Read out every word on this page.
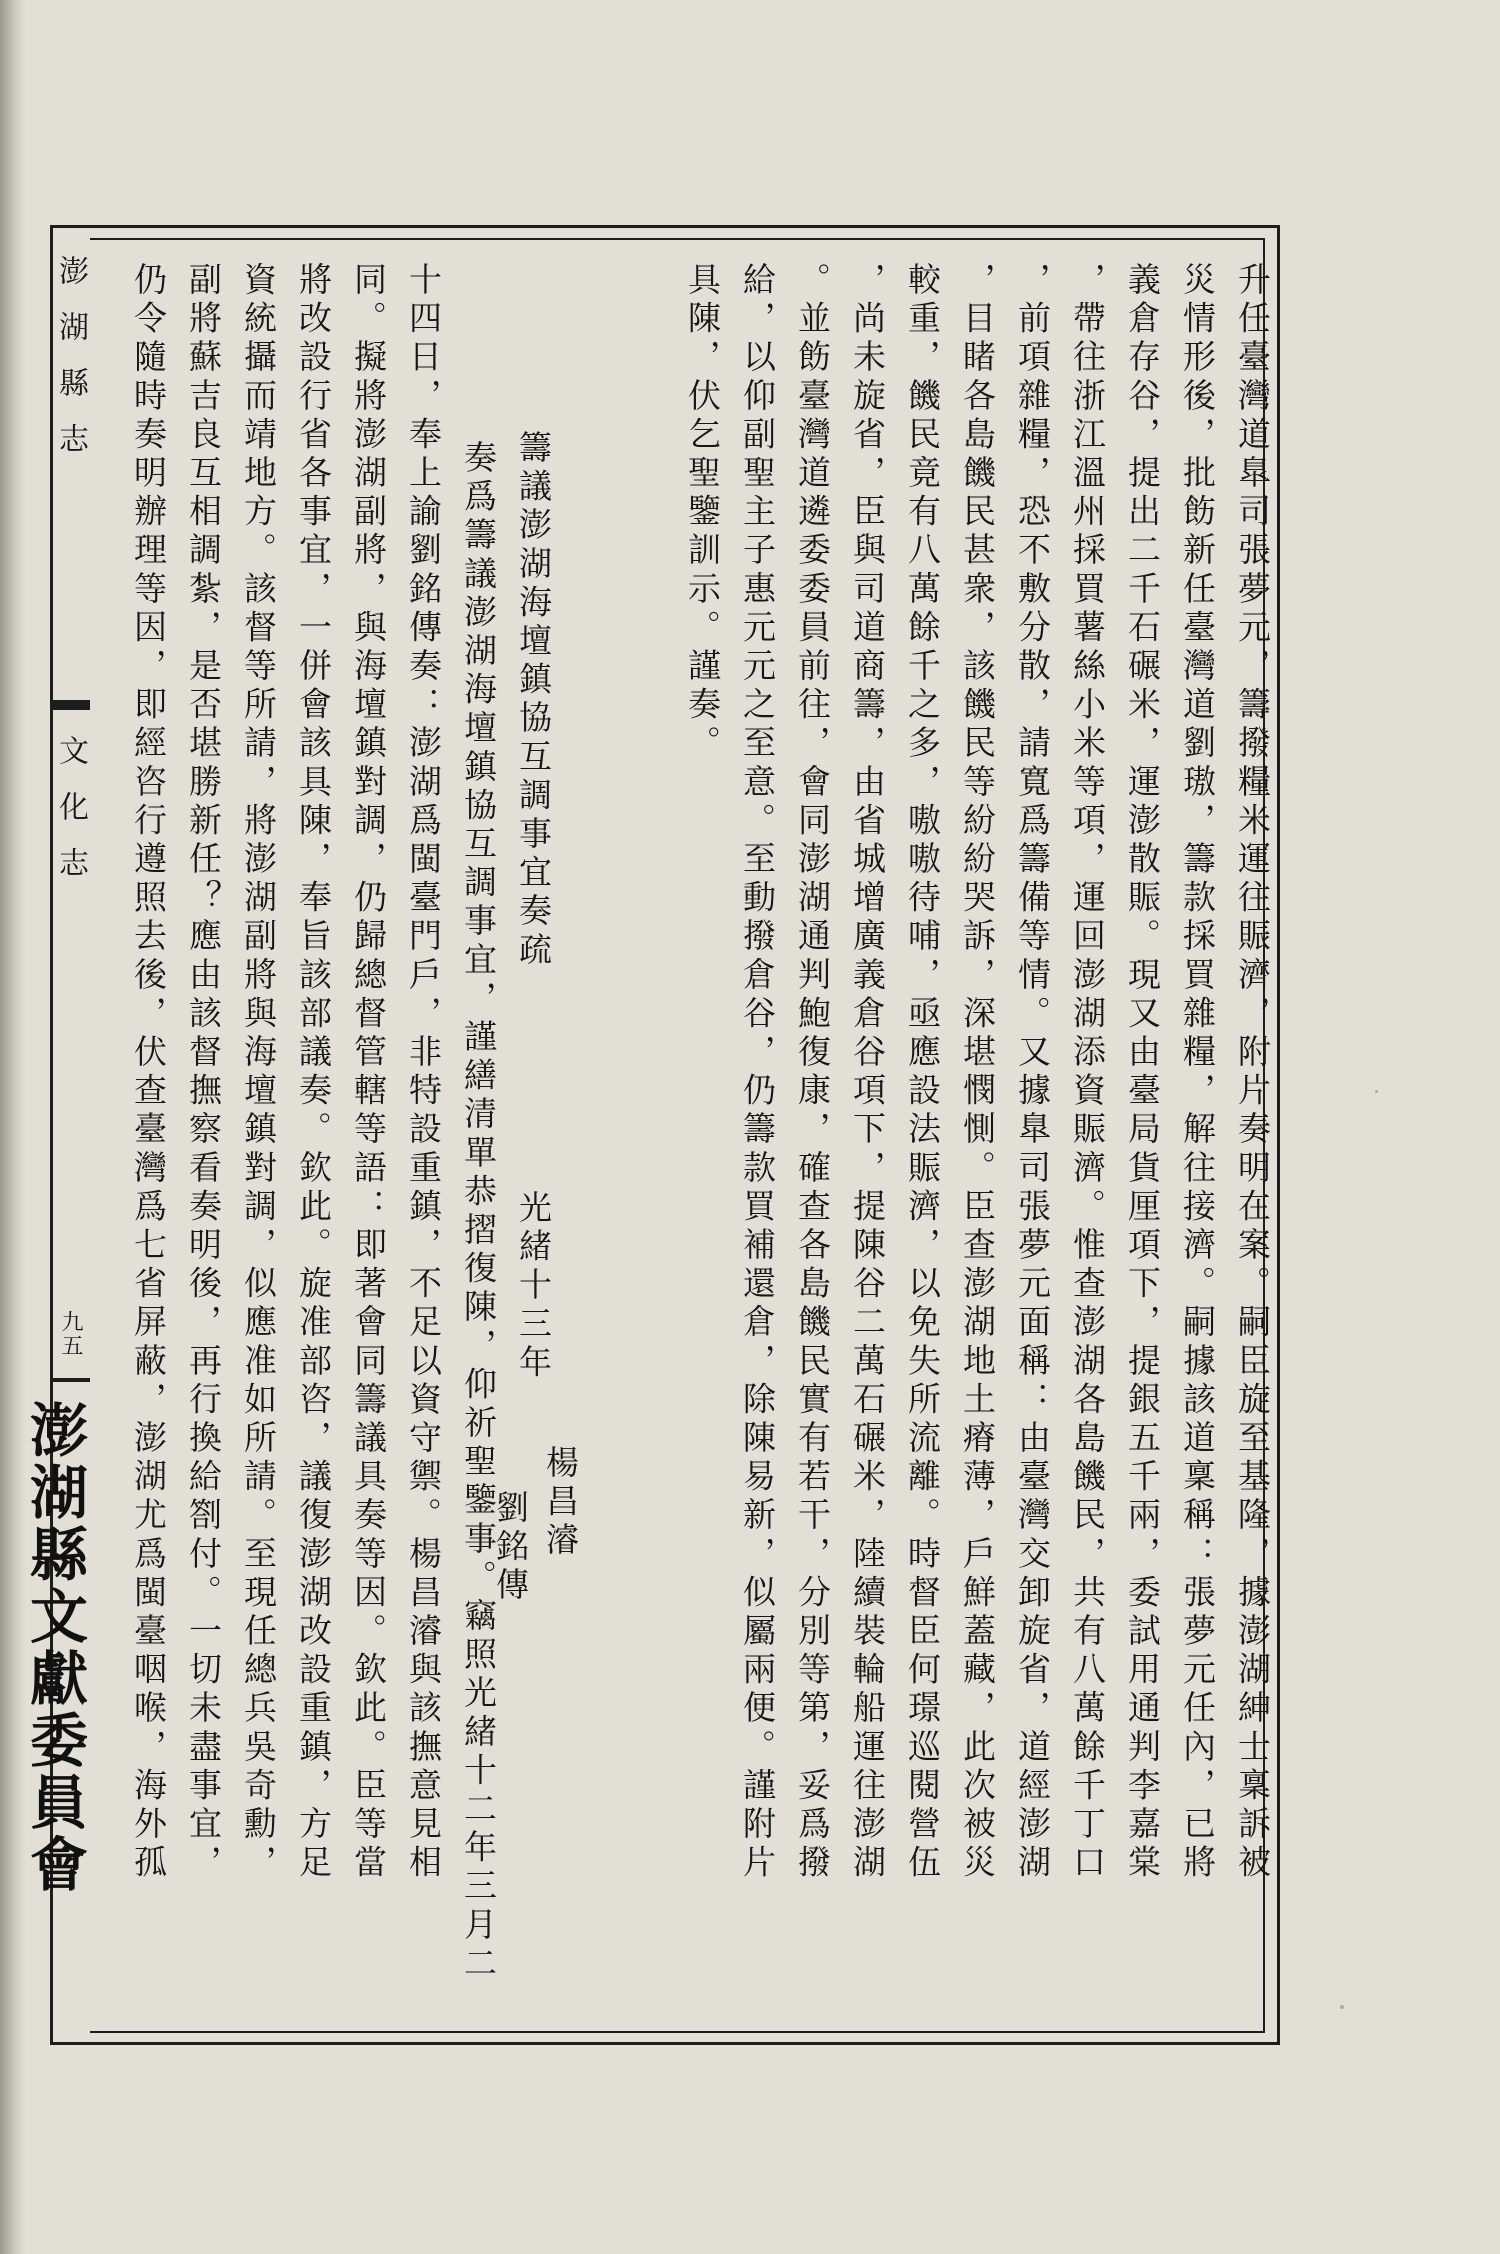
澎湖縣志
文化志
九五
澎湖縣文獻委員會	升任臺灣道臯司張夢元，籌撥糧米運往賑濟，附片奏明在案。嗣臣旋至基隆，據澎湖紳士稟訴被
災情形後，批飭新任臺灣道劉璈，籌款採買雜糧，解往接濟。嗣據該道稟稱：張夢元任內，已將
義倉存谷，提出二千石碾米，運澎散賑。現又由臺局貨厘項下，提銀五千兩，委試用通判李嘉棠
，帶往浙江溫州採買薯絲小米等項，運回澎湖添資賑濟。惟查澎湖各島饑民，共有八萬餘千丁口
，前項雜糧，恐不敷分散，請寬爲籌備等情。又據臯司張夢元面稱：由臺灣交卸旋省，道經澎湖
，目睹各島饑民甚衆，該饑民等紛紛哭訴，深堪憫惻。臣查澎湖地土瘠薄，戶鮮蓋藏，此次被災
較重，饑民竟有八萬餘千之多，嗷嗷待哺，亟應設法賑濟，以免失所流離。時督臣何璟巡閱營伍
，尚未旋省，臣與司道商籌，由省城增廣義倉谷項下，提陳谷二萬石碾米，陸續裝輪船運往澎湖
。並飭臺灣道遴委委員前往，會同澎湖通判鮑復康，確查各島饑民實有若干，分別等第，妥爲撥
給，以仰副聖主子惠元元之至意。至動撥倉谷，仍籌款買補還倉，除陳易新，似屬兩便。謹附片
具陳，伏乞聖鑒訓示。謹奏。
籌議澎湖海壇鎮協互調事宜奏疏
光緒十三年
楊昌濬
劉銘傳
奏爲籌議澎湖海壇鎮協互調事宜，謹繕清單恭摺復陳，仰祈聖鑒事。竊照光緒十二年三月二
十四日，奉上諭劉銘傳奏：澎湖爲閩臺門戶，非特設重鎮，不足以資守禦。楊昌濬與該撫意見相
同。擬將澎湖副將，與海壇鎮對調，仍歸總督管轄等語：即著會同籌議具奏等因。欽此。臣等當
將改設行省各事宜，一併會該具陳，奉旨該部議奏。欽此。旋准部咨，議復澎湖改設重鎮，方足
資統攝而靖地方。該督等所請，將澎湖副將與海壇鎮對調，似應准如所請。至現任總兵吳奇勳，
副將蘇吉良互相調紮，是否堪勝新任？應由該督撫察看奏明後，再行換給劄付。一切未盡事宜，
仍令隨時奏明辦理等因，即經咨行遵照去後，伏查臺灣爲七省屏蔽，澎湖尤爲閩臺咽喉，海外孤
